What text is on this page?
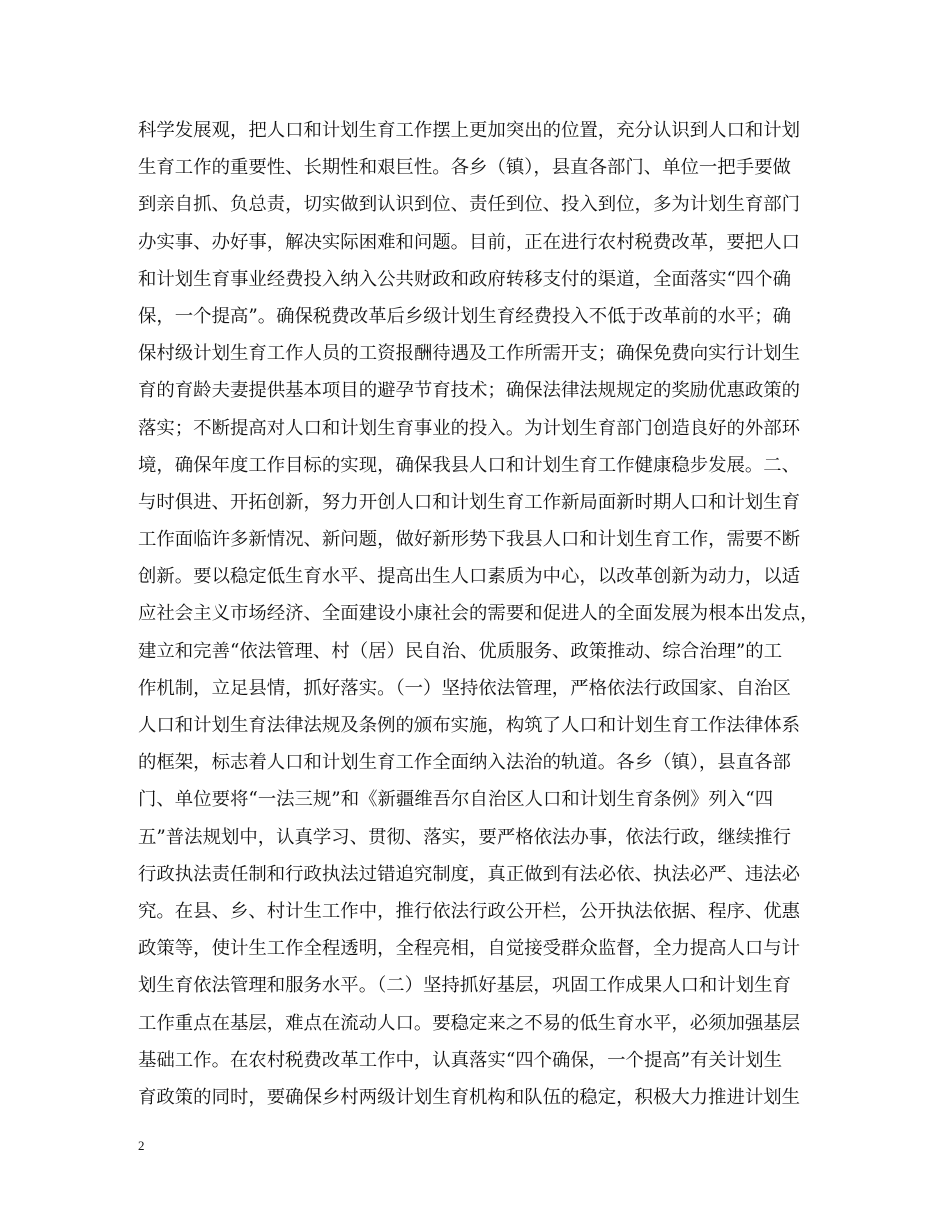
科学发展观，把人口和计划生育工作摆上更加突出的位置，充分认识到人口和计划
生育工作的重要性、长期性和艰巨性。各乡（镇），县直各部门、单位一把手要做
到亲自抓、负总责，切实做到认识到位、责任到位、投入到位，多为计划生育部门
办实事、办好事，解决实际困难和问题。目前，正在进行农村税费改革，要把人口
和计划生育事业经费投入纳入公共财政和政府转移支付的渠道，全面落实“四个确
保，一个提高”。确保税费改革后乡级计划生育经费投入不低于改革前的水平；确
保村级计划生育工作人员的工资报酬待遇及工作所需开支；确保免费向实行计划生
育的育龄夫妻提供基本项目的避孕节育技术；确保法律法规规定的奖励优惠政策的
落实；不断提高对人口和计划生育事业的投入。为计划生育部门创造良好的外部环
境，确保年度工作目标的实现，确保我县人口和计划生育工作健康稳步发展。二、
与时俱进、开拓创新，努力开创人口和计划生育工作新局面新时期人口和计划生育
工作面临许多新情况、新问题，做好新形势下我县人口和计划生育工作，需要不断
创新。要以稳定低生育水平、提高出生人口素质为中心，以改革创新为动力，以适
应社会主义市场经济、全面建设小康社会的需要和促进人的全面发展为根本出发点，
建立和完善“依法管理、村（居）民自治、优质服务、政策推动、综合治理”的工
作机制，立足县情，抓好落实。（一）坚持依法管理，严格依法行政国家、自治区
人口和计划生育法律法规及条例的颁布实施，构筑了人口和计划生育工作法律体系
的框架，标志着人口和计划生育工作全面纳入法治的轨道。各乡（镇），县直各部
门、单位要将“一法三规”和《新疆维吾尔自治区人口和计划生育条例》列入“四
五”普法规划中，认真学习、贯彻、落实，要严格依法办事，依法行政，继续推行
行政执法责任制和行政执法过错追究制度，真正做到有法必依、执法必严、违法必
究。在县、乡、村计生工作中，推行依法行政公开栏，公开执法依据、程序、优惠
政策等，使计生工作全程透明，全程亮相，自觉接受群众监督，全力提高人口与计
划生育依法管理和服务水平。（二）坚持抓好基层，巩固工作成果人口和计划生育
工作重点在基层，难点在流动人口。要稳定来之不易的低生育水平，必须加强基层
基础工作。在农村税费改革工作中，认真落实“四个确保，一个提高”有关计划生
育政策的同时，要确保乡村两级计划生育机构和队伍的稳定，积极大力推进计划生
2
